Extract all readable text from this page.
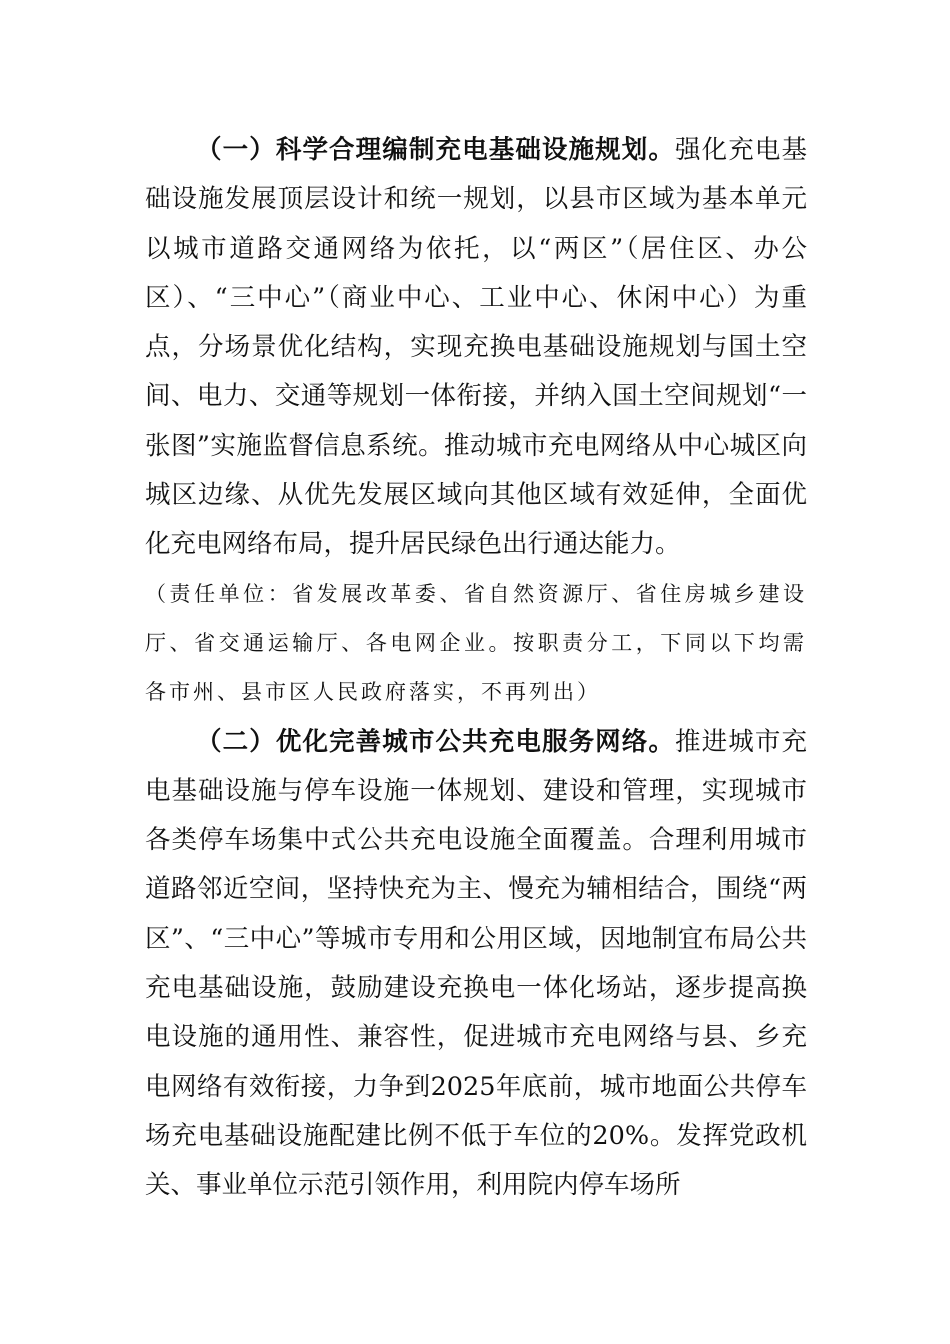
（一）科学合理编制充电基础设施规划。强化充电基础设施发展顶层设计和统一规划，以县市区域为基本单元以城市道路交通网络为依托，以“两区”（居住区、办公区）、“三中心”（商业中心、工业中心、休闲中心）为重点，分场景优化结构，实现充换电基础设施规划与国土空间、电力、交通等规划一体衔接，并纳入国土空间规划“一张图”实施监督信息系统。推动城市充电网络从中心城区向城区边缘、从优先发展区域向其他区域有效延伸，全面优化充电网络布局，提升居民绿色出行通达能力。

（责任单位：省发展改革委、省自然资源厅、省住房城乡建设厅、省交通运输厅、各电网企业。按职责分工，下同以下均需各市州、县市区人民政府落实，不再列出）

（二）优化完善城市公共充电服务网络。推进城市充电基础设施与停车设施一体规划、建设和管理，实现城市各类停车场集中式公共充电设施全面覆盖。合理利用城市道路邻近空间，坚持快充为主、慢充为辅相结合，围绕“两区”、“三中心”等城市专用和公用区域，因地制宜布局公共充电基础设施，鼓励建设充换电一体化场站，逐步提高换电设施的通用性、兼容性，促进城市充电网络与县、乡充电网络有效衔接，力争到2025年底前，城市地面公共停车场充电基础设施配建比例不低于车位的20%。发挥党政机关、事业单位示范引领作用，利用院内停车场所
